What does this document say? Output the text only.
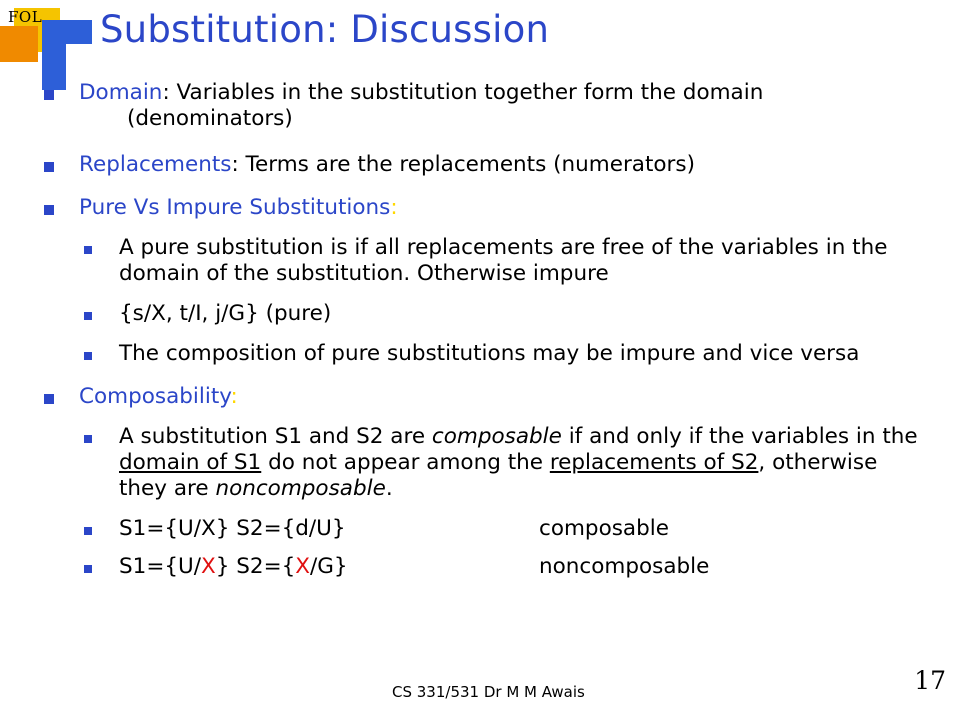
FOL Substitution: Discussion
Domain: Variables in the substitution together form the domain
(denominators)
Replacements: Terms are the replacements (numerators)
Pure Vs Impure Substitutions:
A pure substitution is if all replacements are free of the variables in the domain of the substitution. Otherwise impure
{s/X, t/I, j/G} (pure)
The composition of pure substitutions may be impure and vice versa
Composability:
A substitution S1 and S2 are composable if and only if the variables in the domain of S1 do not appear among the replacements of S2, otherwise they are noncomposable.
S1={U/X} S2={d/U}	composable
S1={U/X} S2={X/G}	noncomposable
17
CS 331/531 Dr M M Awais
